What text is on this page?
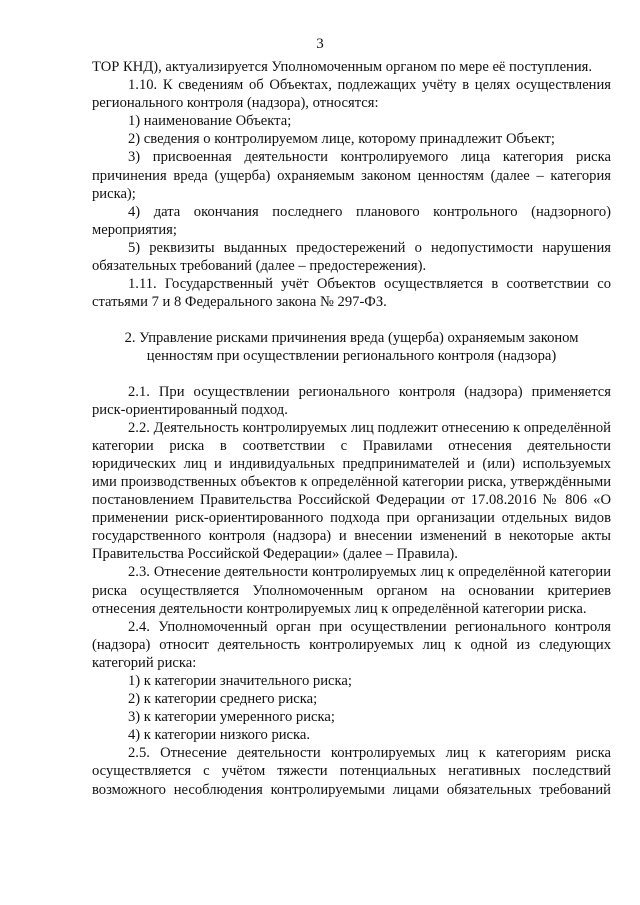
3

ТОР КНД), актуализируется Уполномоченным органом по мере её поступления.

1.10. К сведениям об Объектах, подлежащих учёту в целях осуществления регионального контроля (надзора), относятся:

1) наименование Объекта;

2) сведения о контролируемом лице, которому принадлежит Объект;

3) присвоенная деятельности контролируемого лица категория риска причинения вреда (ущерба) охраняемым законом ценностям (далее – категория риска);

4) дата окончания последнего планового контрольного (надзорного) мероприятия;

5) реквизиты выданных предостережений о недопустимости нарушения обязательных требований (далее – предостережения).

1.11. Государственный учёт Объектов осуществляется в соответствии со статьями 7 и 8 Федерального закона № 297-ФЗ.

2. Управление рисками причинения вреда (ущерба) охраняемым законом ценностям при осуществлении регионального контроля (надзора)

2.1. При осуществлении регионального контроля (надзора) применяется риск-ориентированный подход.

2.2. Деятельность контролируемых лиц подлежит отнесению к определённой категории риска в соответствии с Правилами отнесения деятельности юридических лиц и индивидуальных предпринимателей и (или) используемых ими производственных объектов к определённой категории риска, утверждёнными постановлением Правительства Российской Федерации от 17.08.2016 № 806 «О применении риск-ориентированного подхода при организации отдельных видов государственного контроля (надзора) и внесении изменений в некоторые акты Правительства Российской Федерации» (далее – Правила).

2.3. Отнесение деятельности контролируемых лиц к определённой категории риска осуществляется Уполномоченным органом на основании критериев отнесения деятельности контролируемых лиц к определённой категории риска.

2.4. Уполномоченный орган при осуществлении регионального контроля (надзора) относит деятельность контролируемых лиц к одной из следующих категорий риска:

1) к категории значительного риска;

2) к категории среднего риска;

3) к категории умеренного риска;

4) к категории низкого риска.

2.5. Отнесение деятельности контролируемых лиц к категориям риска осуществляется с учётом тяжести потенциальных негативных последствий возможного несоблюдения контролируемыми лицами обязательных требований
